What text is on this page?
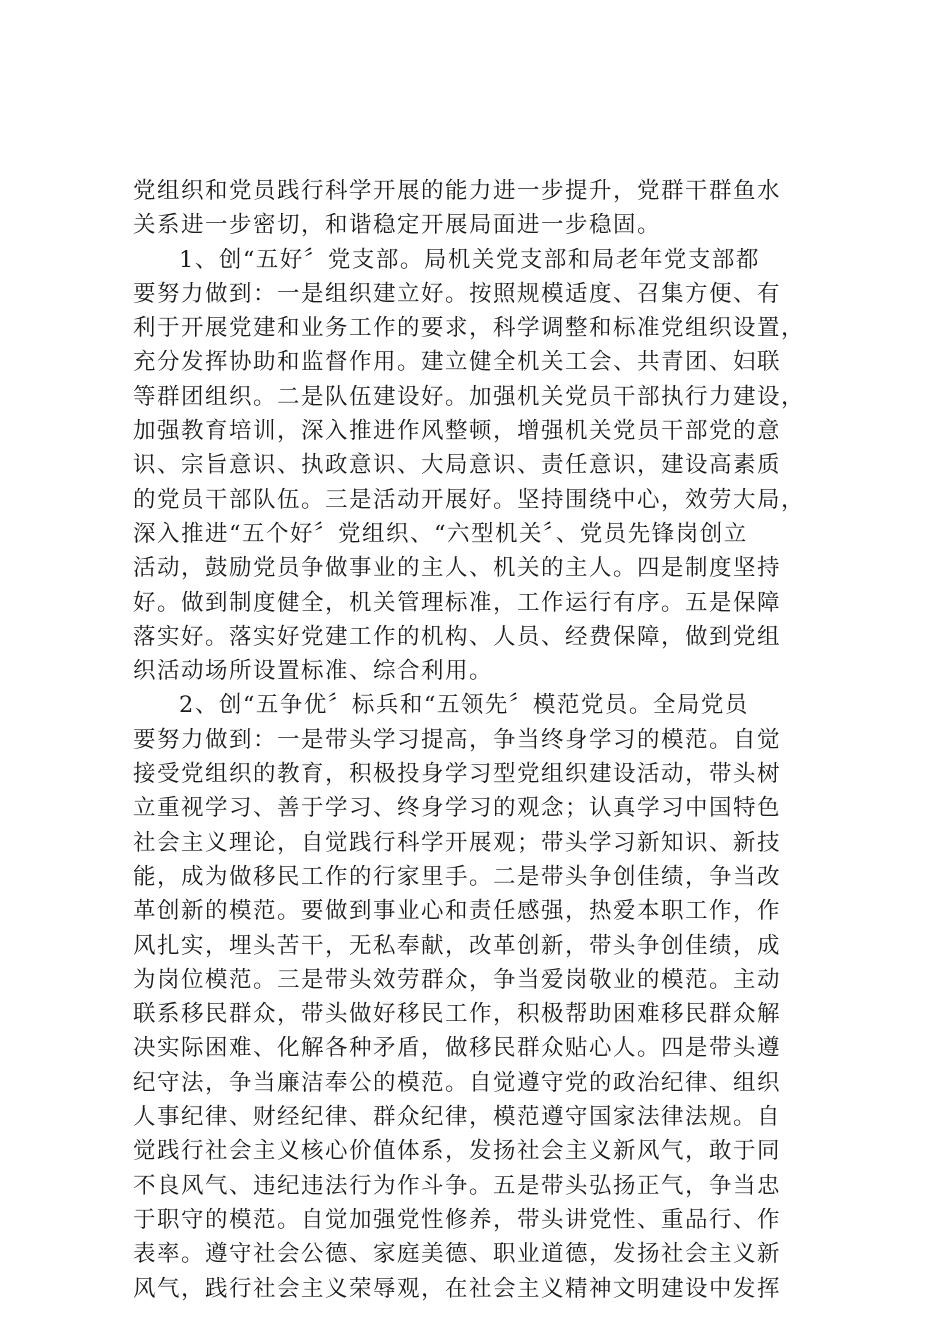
党组织和党员践行科学开展的能力进一步提升，党群干群鱼水
关系进一步密切，和谐稳定开展局面进一步稳固。
1、创“五好〞党支部。局机关党支部和局老年党支部都
要努力做到：一是组织建立好。按照规模适度、召集方便、有
利于开展党建和业务工作的要求，科学调整和标准党组织设置，
充分发挥协助和监督作用。建立健全机关工会、共青团、妇联
等群团组织。二是队伍建设好。加强机关党员干部执行力建设，
加强教育培训，深入推进作风整顿，增强机关党员干部党的意
识、宗旨意识、执政意识、大局意识、责任意识，建设高素质
的党员干部队伍。三是活动开展好。坚持围绕中心，效劳大局，
深入推进“五个好〞党组织、“六型机关〞、党员先锋岗创立
活动，鼓励党员争做事业的主人、机关的主人。四是制度坚持
好。做到制度健全，机关管理标准，工作运行有序。五是保障
落实好。落实好党建工作的机构、人员、经费保障，做到党组
织活动场所设置标准、综合利用。
2、创“五争优〞标兵和“五领先〞模范党员。全局党员
要努力做到：一是带头学习提高，争当终身学习的模范。自觉
接受党组织的教育，积极投身学习型党组织建设活动，带头树
立重视学习、善于学习、终身学习的观念；认真学习中国特色
社会主义理论，自觉践行科学开展观；带头学习新知识、新技
能，成为做移民工作的行家里手。二是带头争创佳绩，争当改
革创新的模范。要做到事业心和责任感强，热爱本职工作，作
风扎实，埋头苦干，无私奉献，改革创新，带头争创佳绩，成
为岗位模范。三是带头效劳群众，争当爱岗敬业的模范。主动
联系移民群众，带头做好移民工作，积极帮助困难移民群众解
决实际困难、化解各种矛盾，做移民群众贴心人。四是带头遵
纪守法，争当廉洁奉公的模范。自觉遵守党的政治纪律、组织
人事纪律、财经纪律、群众纪律，模范遵守国家法律法规。自
觉践行社会主义核心价值体系，发扬社会主义新风气，敢于同
不良风气、违纪违法行为作斗争。五是带头弘扬正气，争当忠
于职守的模范。自觉加强党性修养，带头讲党性、重品行、作
表率。遵守社会公德、家庭美德、职业道德，发扬社会主义新
风气，践行社会主义荣辱观，在社会主义精神文明建设中发挥
